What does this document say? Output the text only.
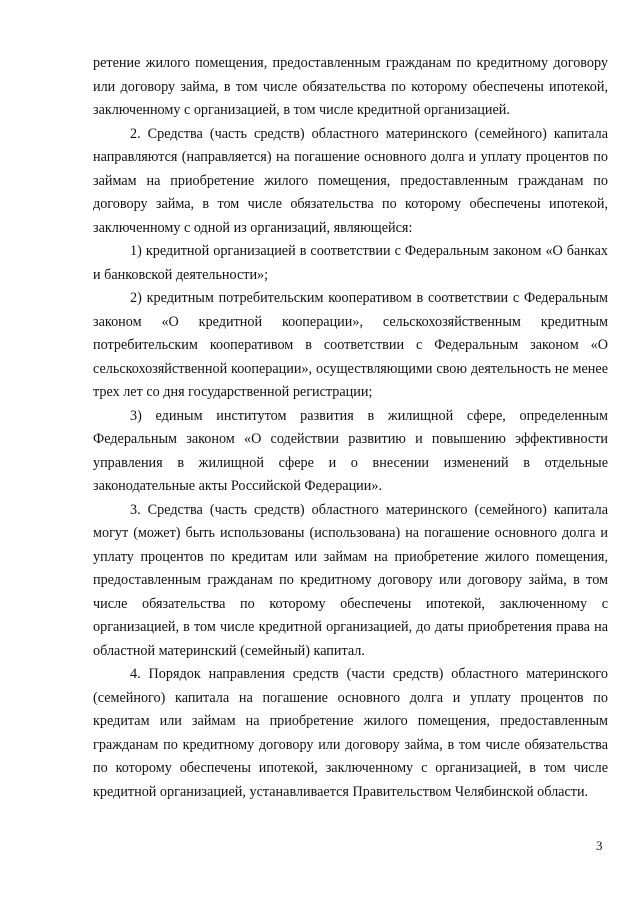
ретение жилого помещения, предоставленным гражданам по кредитному договору или договору займа, в том числе обязательства по которому обеспечены ипотекой, заключенному с организацией, в том числе кредитной организацией.

2. Средства (часть средств) областного материнского (семейного) капитала направляются (направляется) на погашение основного долга и уплату процентов по займам на приобретение жилого помещения, предоставленным гражданам по договору займа, в том числе обязательства по которому обеспечены ипотекой, заключенному с одной из организаций, являющейся:

1) кредитной организацией в соответствии с Федеральным законом «О банках и банковской деятельности»;

2) кредитным потребительским кооперативом в соответствии с Федеральным законом «О кредитной кооперации», сельскохозяйственным кредитным потребительским кооперативом в соответствии с Федеральным законом «О сельскохозяйственной кооперации», осуществляющими свою деятельность не менее трех лет со дня государственной регистрации;

3) единым институтом развития в жилищной сфере, определенным Федеральным законом «О содействии развитию и повышению эффективности управления в жилищной сфере и о внесении изменений в отдельные законодательные акты Российской Федерации».

3. Средства (часть средств) областного материнского (семейного) капитала могут (может) быть использованы (использована) на погашение основного долга и уплату процентов по кредитам или займам на приобретение жилого помещения, предоставленным гражданам по кредитному договору или договору займа, в том числе обязательства по которому обеспечены ипотекой, заключенному с организацией, в том числе кредитной организацией, до даты приобретения права на областной материнский (семейный) капитал.

4. Порядок направления средств (части средств) областного материнского (семейного) капитала на погашение основного долга и уплату процентов по кредитам или займам на приобретение жилого помещения, предоставленным гражданам по кредитному договору или договору займа, в том числе обязательства по которому обеспечены ипотекой, заключенному с организацией, в том числе кредитной организацией, устанавливается Правительством Челябинской области.

3
